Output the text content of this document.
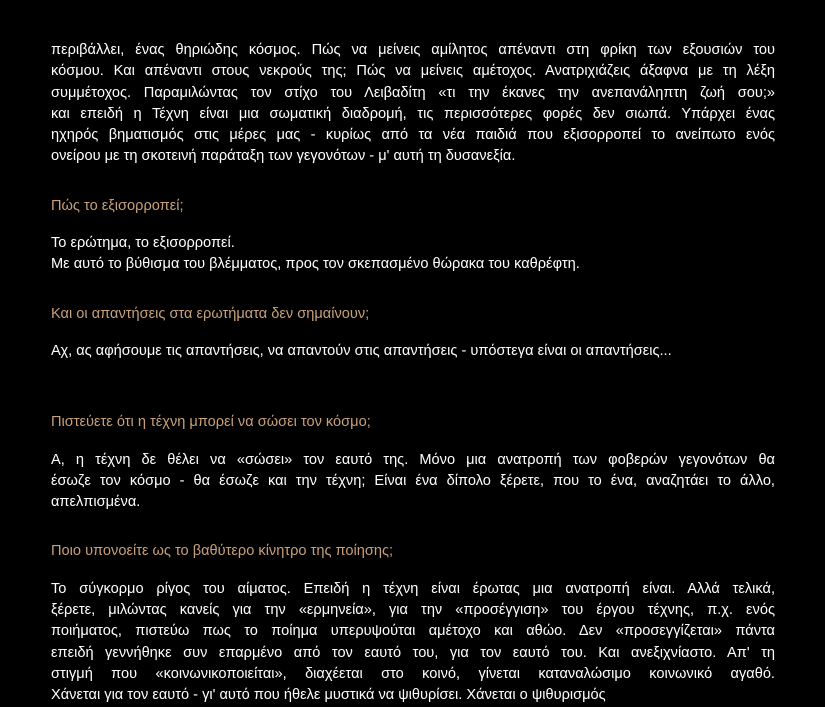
περιβάλλει, ένας θηριώδης κόσμος. Πώς να μείνεις αμίλητος απέναντι στη φρίκη των εξουσιών του
κόσμου. Και απέναντι στους νεκρούς της; Πώς να μείνεις αμέτοχος. Ανατριχιάζεις άξαφνα με τη λέξη
συμμέτοχος. Παραμιλώντας τον στίχο του Λειβαδίτη «τι την έκανες την ανεπανάληπτη ζωή σου;»
και επειδή η Τέχνη είναι μια σωματική διαδρομή, τις περισσότερες φορές δεν σιωπά. Υπάρχει ένας
ηχηρός βηματισμός στις μέρες μας - κυρίως από τα νέα παιδιά που εξισορροπεί το ανείπωτο ενός
ονείρου με τη σκοτεινή παράταξη των γεγονότων - μ' αυτή τη δυσανεξία.

Πώς το εξισορροπεί;

Το ερώτημα, το εξισορροπεί.
Με αυτό το βύθισμα του βλέμματος, προς τον σκεπασμένο θώρακα του καθρέφτη.

Και οι απαντήσεις στα ερωτήματα δεν σημαίνουν;

Αχ, ας αφήσουμε τις απαντήσεις, να απαντούν στις απαντήσεις - υπόστεγα είναι οι απαντήσεις...

Πιστεύετε ότι η τέχνη μπορεί να σώσει τον κόσμο;

Α, η τέχνη δε θέλει να «σώσει» τον εαυτό της. Μόνο μια ανατροπή των φοβερών γεγονότων θα
έσωζε τον κόσμο - θα έσωζε και την τέχνη; Είναι ένα δίπολο ξέρετε, που το ένα, αναζητάει το άλλο,
απελπισμένα.

Ποιο υπονοείτε ως το βαθύτερο κίνητρο της ποίησης;

Το σύγκορμο ρίγος του αίματος. Επειδή η τέχνη είναι έρωτας μια ανατροπή είναι. Αλλά τελικά,
ξέρετε, μιλώντας κανείς για την «ερμηνεία», για την «προσέγγιση» του έργου τέχνης, π.χ. ενός
ποιήματος, πιστεύω πως το ποίημα υπερυψούται αμέτοχο και αθώο. Δεν «προσεγγίζεται» πάντα
επειδή γεννήθηκε συν επαρμένο από τον εαυτό του, για τον εαυτό του. Και ανεξιχνίαστο. Απ' τη
στιγμή που «κοινωνικοποιείται», διαχέεται στο κοινό, γίνεται καταναλώσιμο κοινωνικό αγαθό.
Χάνεται για τον εαυτό - γι' αυτό που ήθελε μυστικά να ψιθυρίσει. Χάνεται ο ψιθυρισμός
